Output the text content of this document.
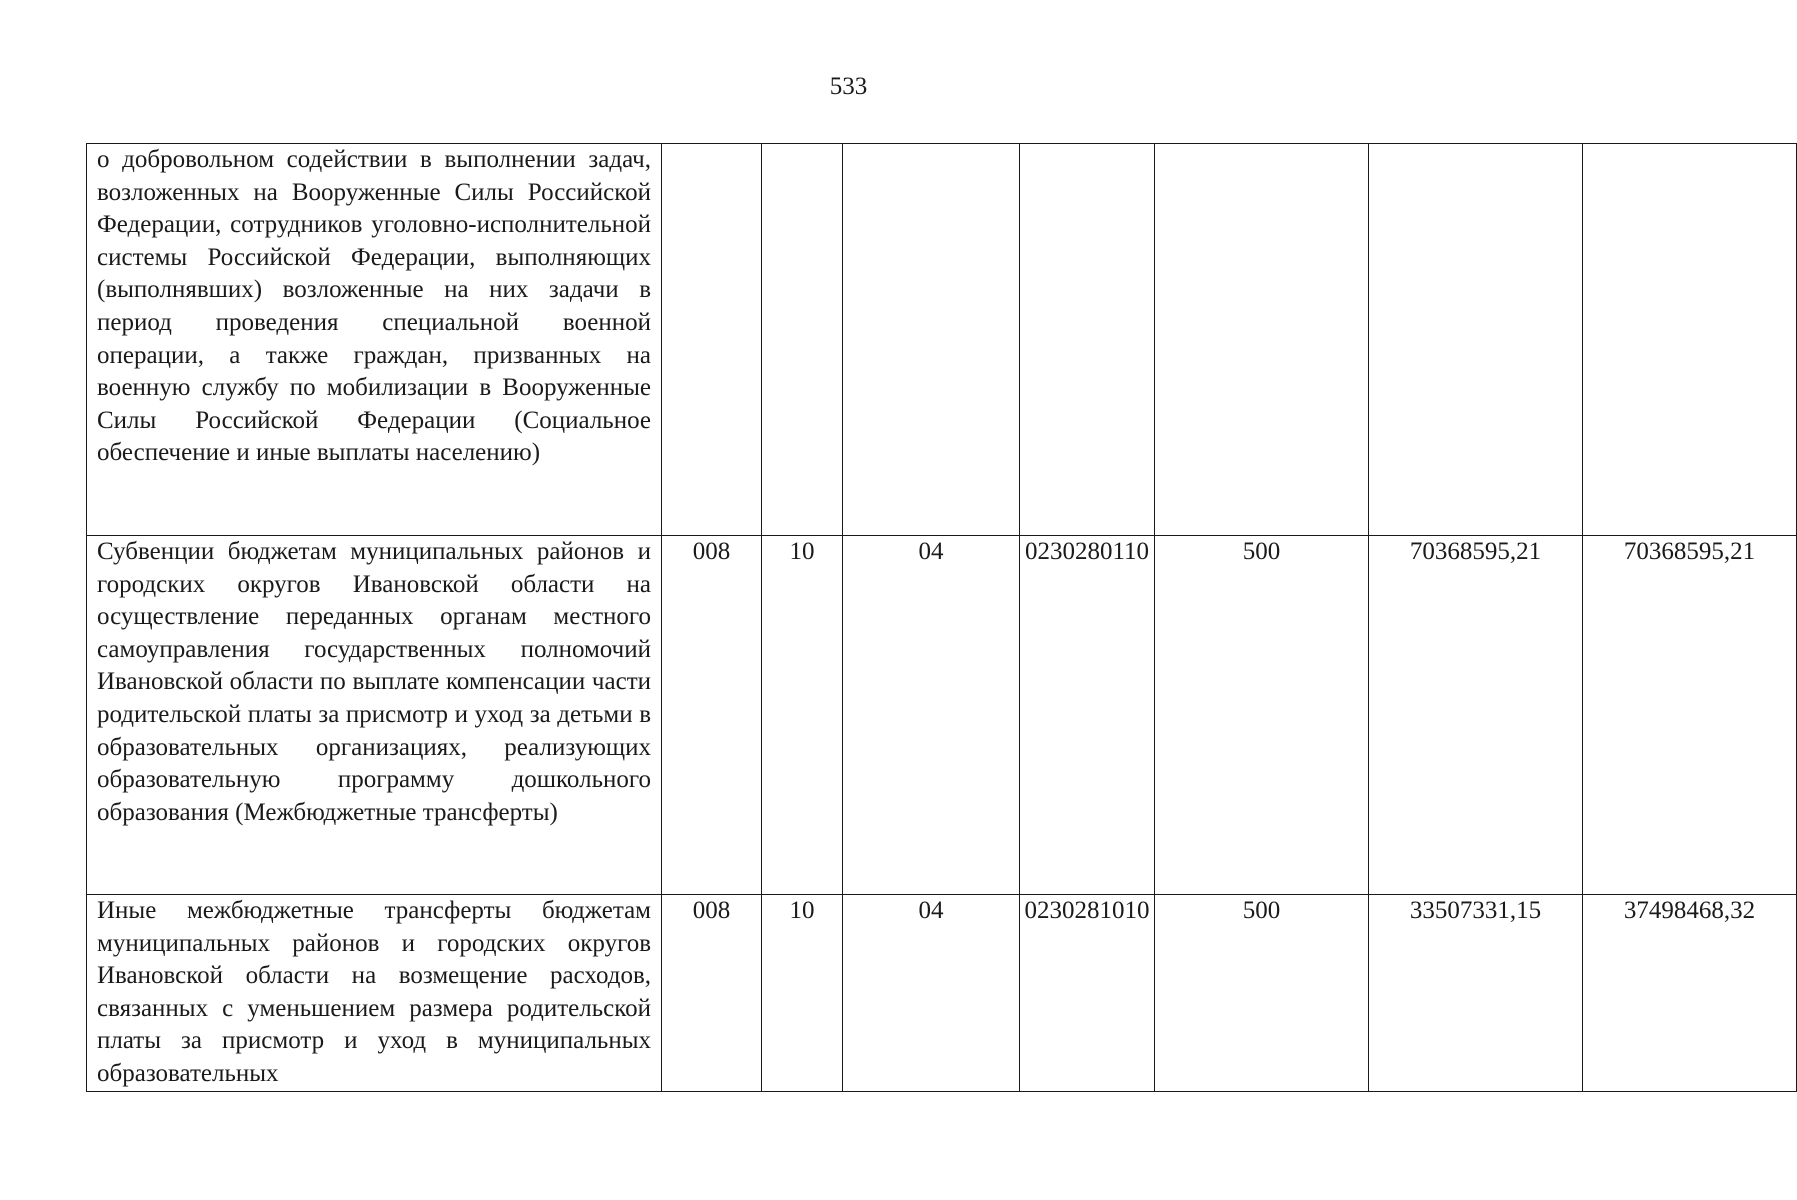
533
о добровольном содействии в выполнении задач, возложенных на Вооруженные Силы Российской Федерации, сотрудников уголовно-исполнительной системы Российской Федерации, выполняющих (выполнявших) возложенные на них задачи в период проведения специальной военной операции, а также граждан, призванных на военную службу по мобилизации в Вооруженные Силы Российской Федерации (Социальное обеспечение и иные выплаты населению)							

Субвенции бюджетам муниципальных районов и городских округов Ивановской области на осуществление переданных органам местного самоуправления государственных полномочий Ивановской области по выплате компенсации части родительской платы за присмотр и уход за детьми в образовательных организациях, реализующих образовательную программу дошкольного образования (Межбюджетные трансферты)	008	10	04	0230280110	500	70368595,21	70368595,21

Иные межбюджетные трансферты бюджетам муниципальных районов и городских округов Ивановской области на возмещение расходов, связанных с уменьшением размера родительской платы за присмотр и уход в муниципальных образовательных	008	10	04	0230281010	500	33507331,15	37498468,32
